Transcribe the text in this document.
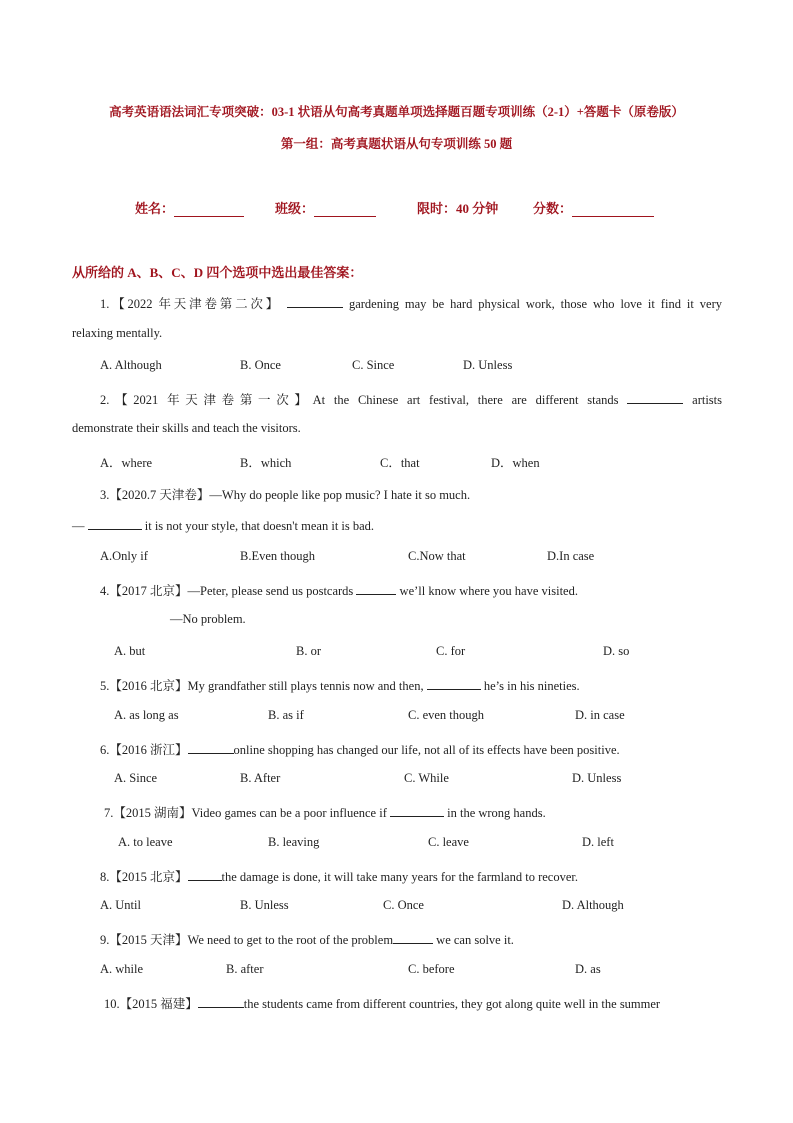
高考英语语法词汇专项突破：03-1 状语从句高考真题单项选择题百题专项训练（2-1）+答题卡（原卷版）
第一组：高考真题状语从句专项训练 50 题
姓名：	班级：	限时：40 分钟	分数：
从所给的 A、B、C、D 四个选项中选出最佳答案：
1.【2022 年天津卷第二次】	gardening may be hard physical work, those who love it find it very
relaxing mentally.
A. Although	B. Once	C. Since	D. Unless
2.【2021 年天津卷第一次】At the Chinese art festival, there are different stands	artists
demonstrate their skills and teach the visitors.
A．where	B．which	C．that	D．when
3.【2020.7 天津卷】—Why do people like pop music? I hate it so much.
—	it is not your style, that doesn't mean it is bad.
A.Only if	B.Even though	C.Now that	D.In case
4.【2017 北京】—Peter, please send us postcards	we’ll know where you have visited.
—No problem.
A. but	B. or	C. for	D. so
5.【2016 北京】My grandfather still plays tennis now and then,	he’s in his nineties.
A. as long as	B. as if	C. even though	D. in case
6.【2016 浙江】	online shopping has changed our life, not all of its effects have been positive.
A. Since	B. After	C. While	D. Unless
7.【2015 湖南】Video games can be a poor influence if	in the wrong hands.
A. to leave	B. leaving	C. leave	D. left
8.【2015 北京】	the damage is done, it will take many years for the farmland to recover.
A. Until	B. Unless	C. Once	D. Although
9.【2015 天津】We need to get to the root of the problem	we can solve it.
A. while	B. after	C. before	D. as
10.【2015 福建】	the students came from different countries, they got along quite well in the summer
